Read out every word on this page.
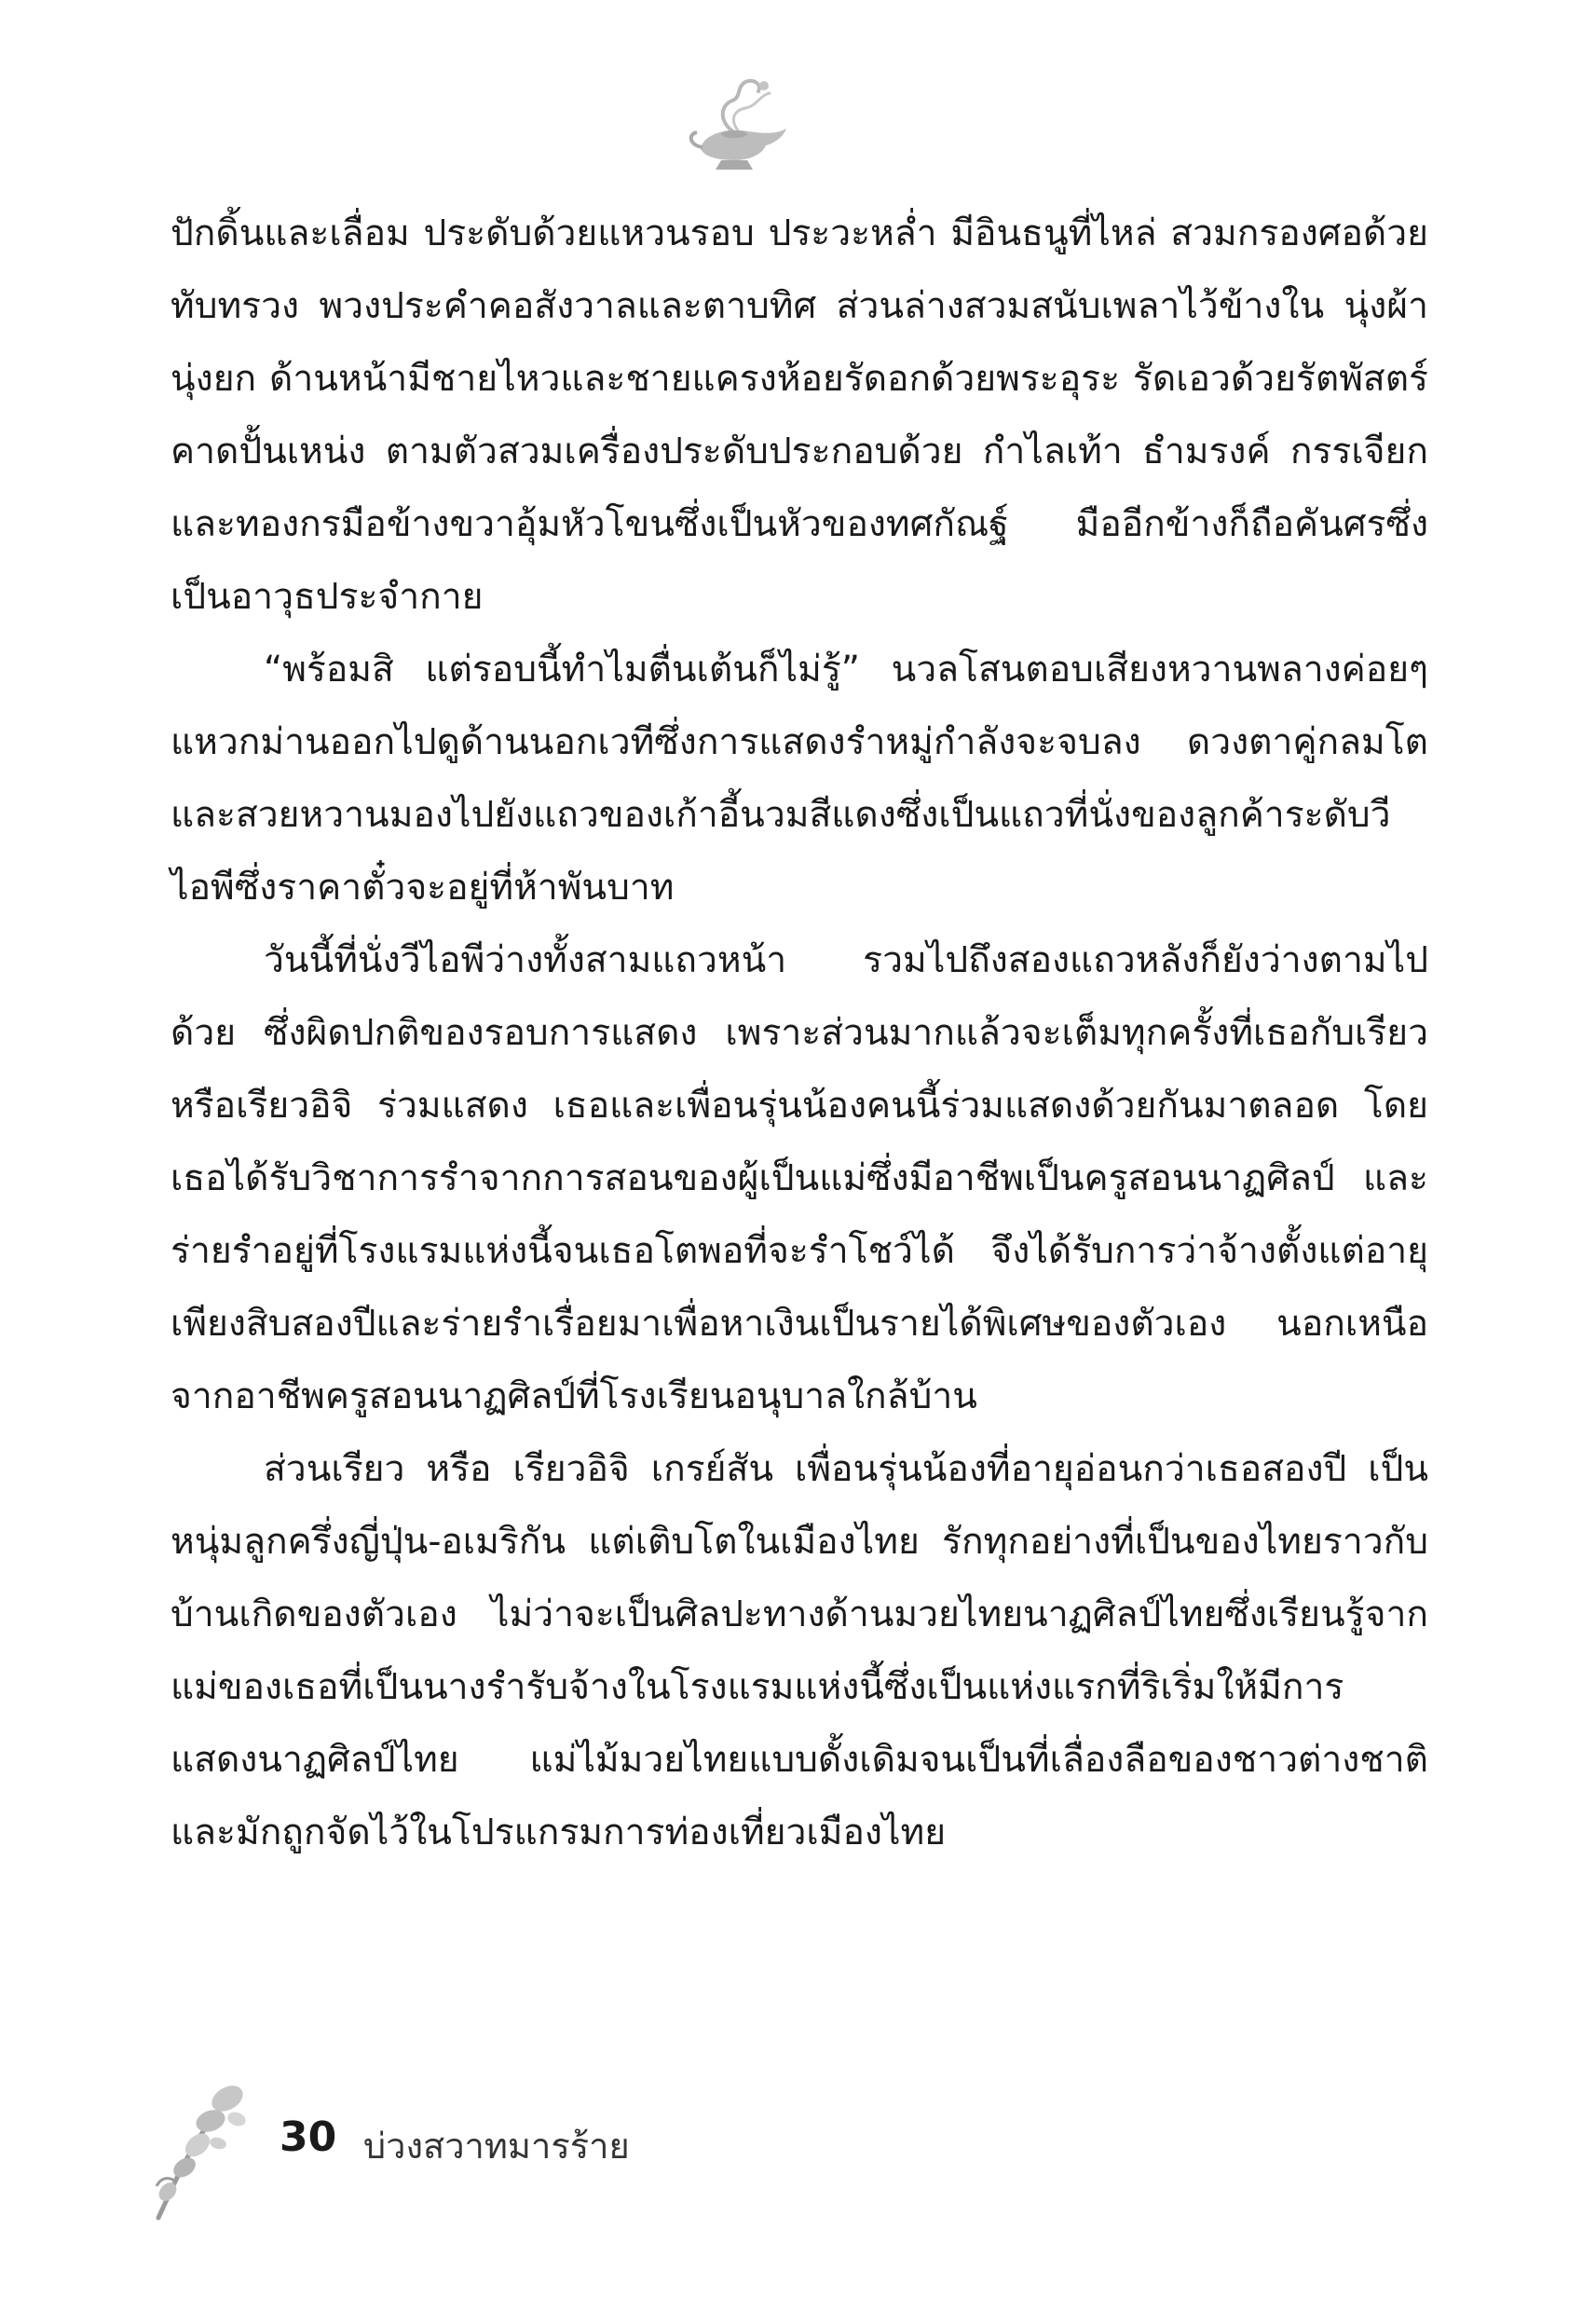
ปักดิ้นและเลื่อม ประดับด้วยแหวนรอบ ประวะหล่ำ มีอินธนูที่ไหล่ สวมกรองศอด้วยทับทรวง พวงประคำคอสังวาลและตาบทิศ ส่วนล่างสวมสนับเพลาไว้ข้างใน นุ่งผ้านุ่งยก ด้านหน้ามีชายไหวและชายแครงห้อยรัดอกด้วยพระอุระ รัดเอวด้วยรัตพัสตร์ คาดปั้นเหน่ง ตามตัวสวมเครื่องประดับประกอบด้วย กำไลเท้า ธำมรงค์ กรรเจียก และทองกรมือข้างขวาอุ้มหัวโขนซึ่งเป็นหัวของทศกัณฐ์ มืออีกข้างก็ถือคันศรซึ่งเป็นอาวุธประจำกาย

“พร้อมสิ แต่รอบนี้ทำไมตื่นเต้นก็ไม่รู้” นวลโสนตอบเสียงหวานพลางค่อยๆ แหวกม่านออกไปดูด้านนอกเวทีซึ่งการแสดงรำหมู่กำลังจะจบลง ดวงตาคู่กลมโตและสวยหวานมองไปยังแถวของเก้าอี้นวมสีแดงซึ่งเป็นแถวที่นั่งของลูกค้าระดับวีไอพีซึ่งราคาตั๋วจะอยู่ที่ห้าพันบาท

วันนี้ที่นั่งวีไอพีว่างทั้งสามแถวหน้า รวมไปถึงสองแถวหลังก็ยังว่างตามไปด้วย ซึ่งผิดปกติของรอบการแสดง เพราะส่วนมากแล้วจะเต็มทุกครั้งที่เธอกับเรียว หรือเรียวอิจิ ร่วมแสดง เธอและเพื่อนรุ่นน้องคนนี้ร่วมแสดงด้วยกันมาตลอด โดยเธอได้รับวิชาการรำจากการสอนของผู้เป็นแม่ซึ่งมีอาชีพเป็นครูสอนนาฏศิลป์ และร่ายรำอยู่ที่โรงแรมแห่งนี้จนเธอโตพอที่จะรำโชว์ได้ จึงได้รับการว่าจ้างตั้งแต่อายุเพียงสิบสองปีและร่ายรำเรื่อยมาเพื่อหาเงินเป็นรายได้พิเศษของตัวเอง นอกเหนือจากอาชีพครูสอนนาฏศิลป์ที่โรงเรียนอนุบาลใกล้บ้าน

ส่วนเรียว หรือ เรียวอิจิ เกรย์สัน เพื่อนรุ่นน้องที่อายุอ่อนกว่าเธอสองปี เป็นหนุ่มลูกครึ่งญี่ปุ่น-อเมริกัน แต่เติบโตในเมืองไทย รักทุกอย่างที่เป็นของไทยราวกับบ้านเกิดของตัวเอง ไม่ว่าจะเป็นศิลปะทางด้านมวยไทยนาฏศิลป์ไทยซึ่งเรียนรู้จากแม่ของเธอที่เป็นนางรำรับจ้างในโรงแรมแห่งนี้ซึ่งเป็นแห่งแรกที่ริเริ่มให้มีการแสดงนาฏศิลป์ไทย แม่ไม้มวยไทยแบบดั้งเดิมจนเป็นที่เลื่องลือของชาวต่างชาติ และมักถูกจัดไว้ในโปรแกรมการท่องเที่ยวเมืองไทย

30 บ่วงสวาทมารร้าย
